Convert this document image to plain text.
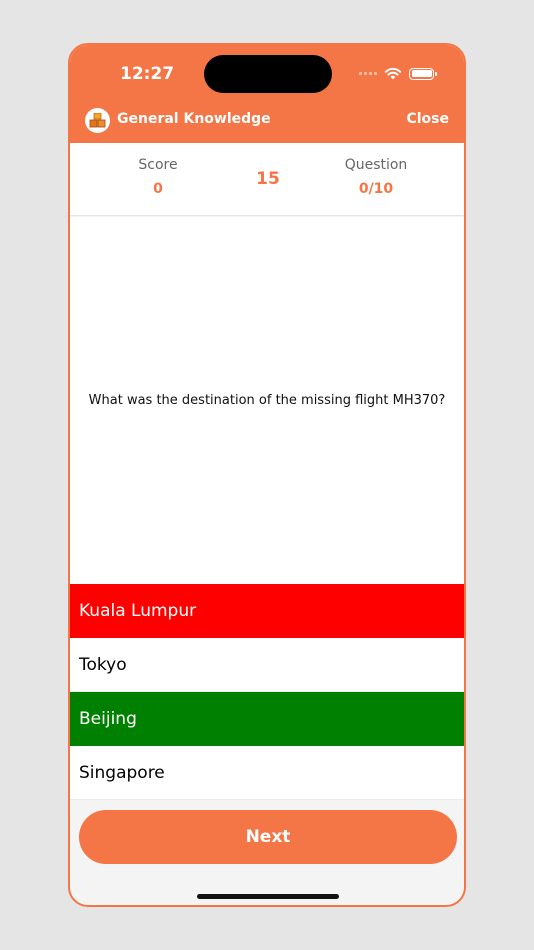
12:27
General Knowledge	Close
Score
0	15
Question
0/10
What was the destination of the missing flight MH370?
Kuala Lumpur
Tokyo
Beijing
Singapore
Next
